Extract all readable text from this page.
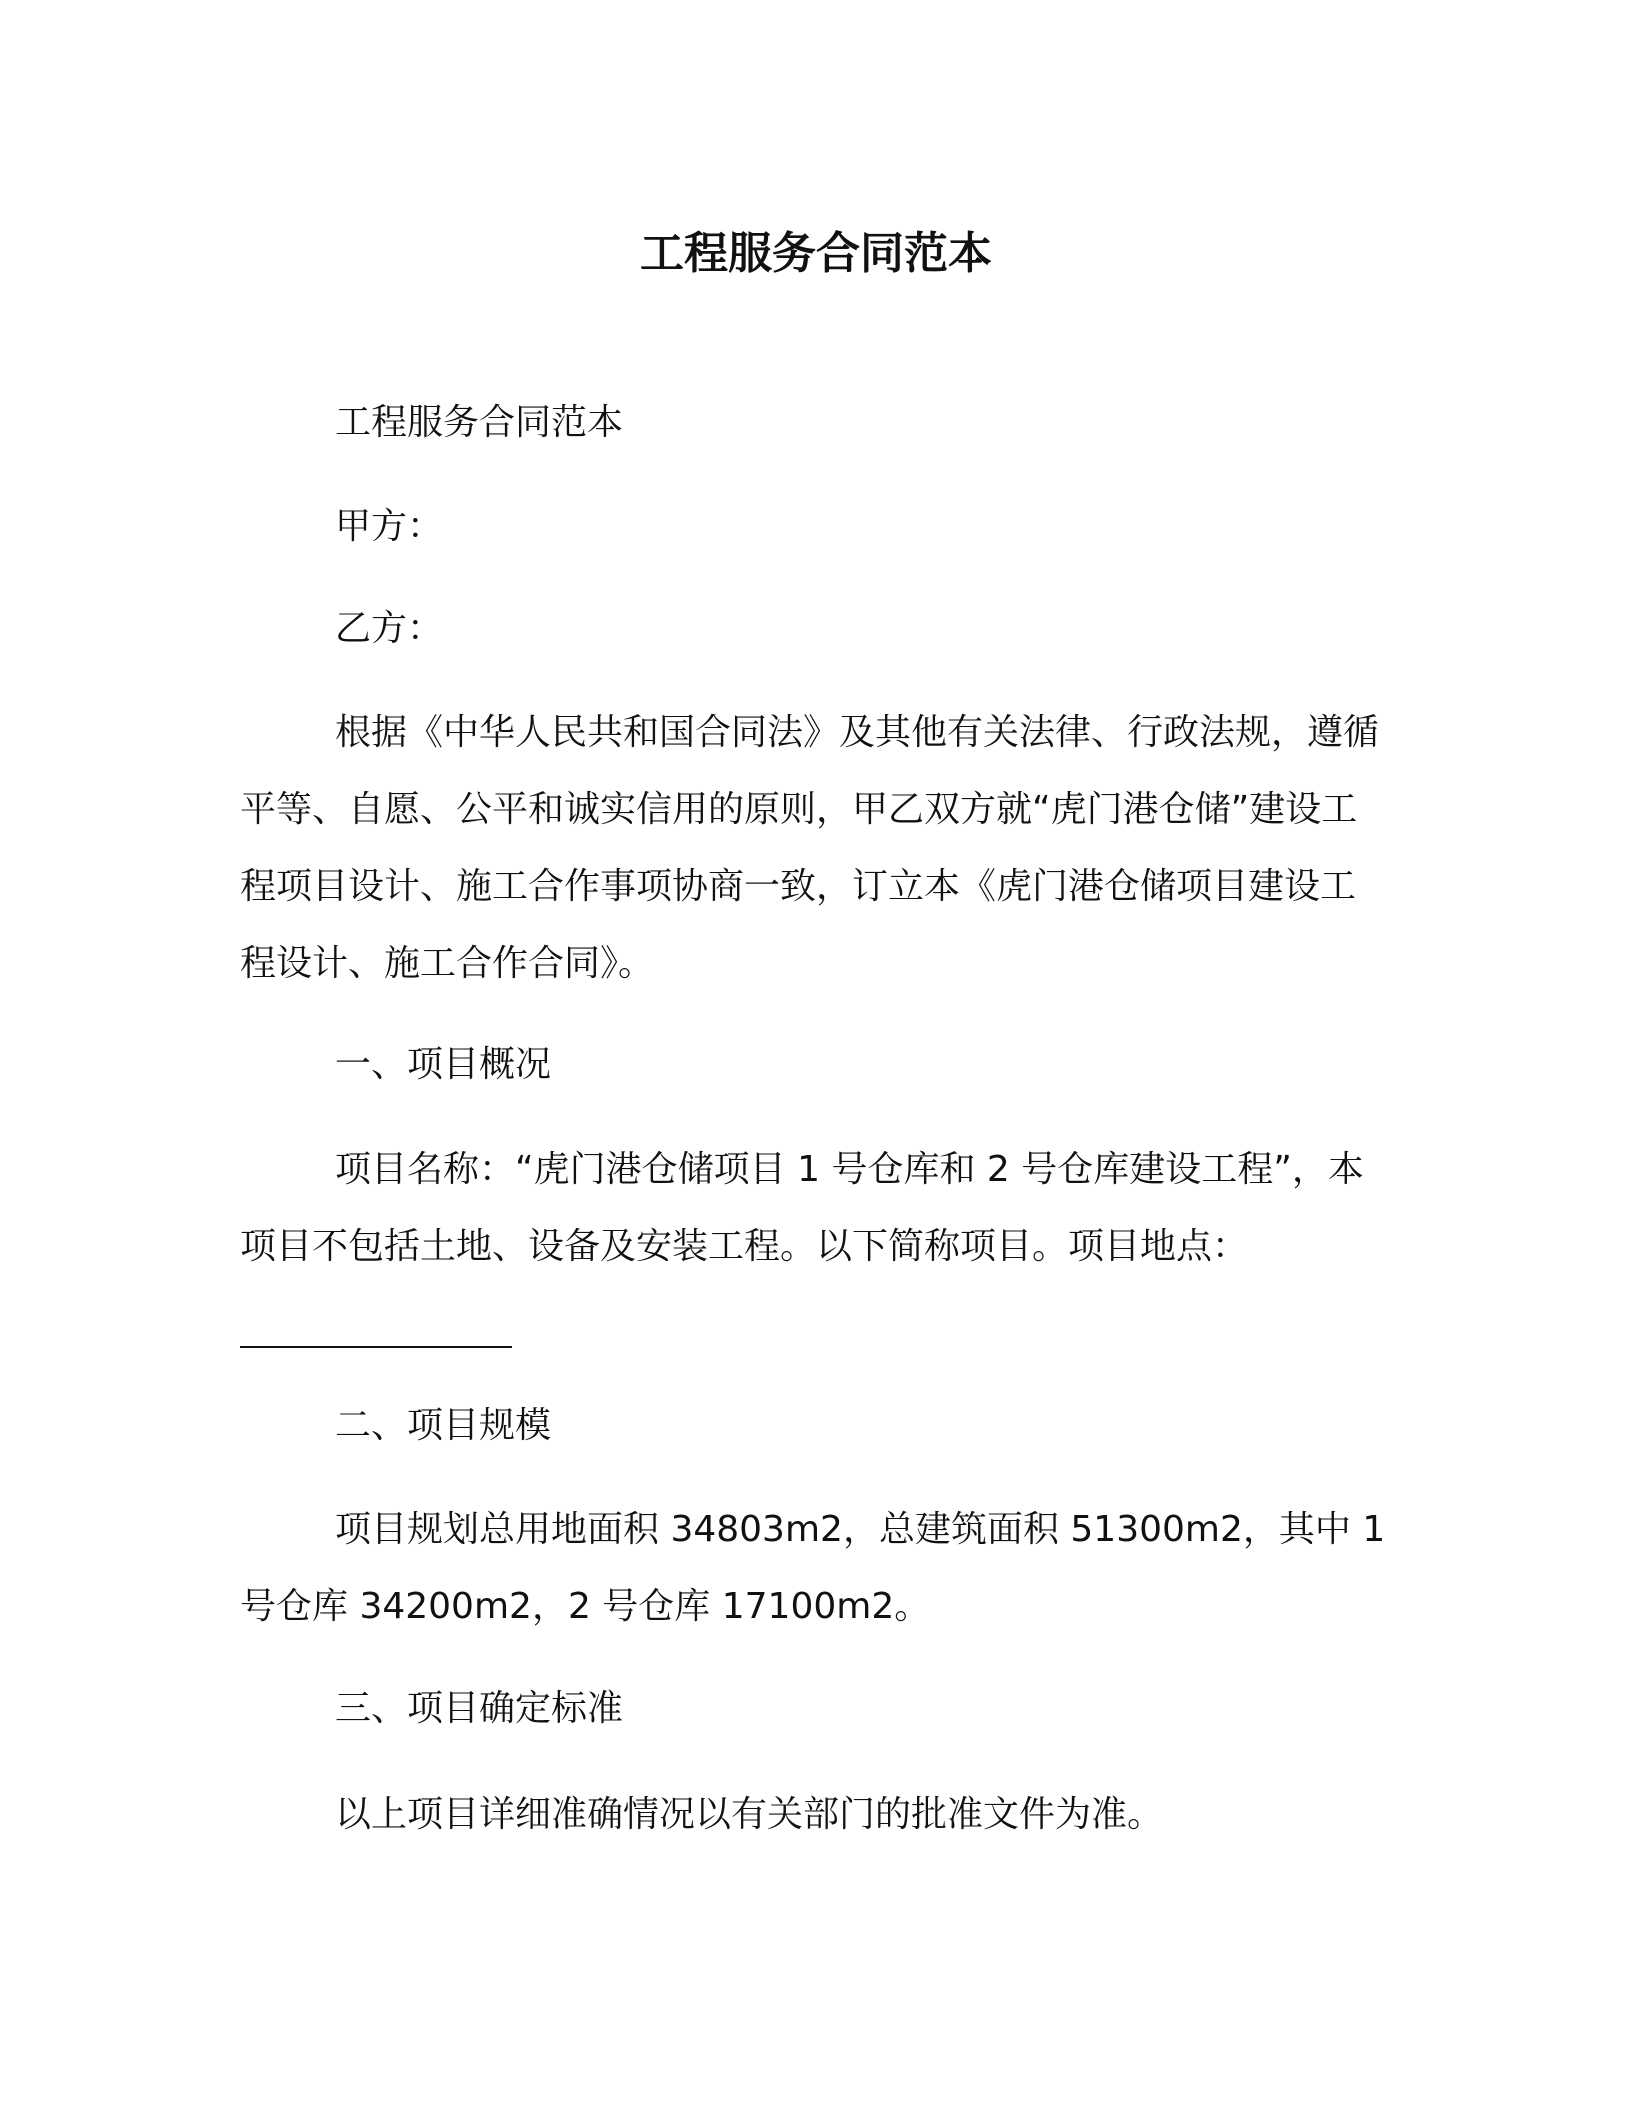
工程服务合同范本

工程服务合同范本

甲方：

乙方：

根据《中华人民共和国合同法》及其他有关法律、行政法规，遵循平等、自愿、公平和诚实信用的原则，甲乙双方就“虎门港仓储”建设工程项目设计、施工合作事项协商一致，订立本《虎门港仓储项目建设工程设计、施工合作合同》。

一、项目概况

项目名称：“虎门港仓储项目 1 号仓库和 2 号仓库建设工程”，本项目不包括土地、设备及安装工程。以下简称项目。项目地点：

二、项目规模

项目规划总用地面积 34803m2，总建筑面积 51300m2，其中 1 号仓库 34200m2，2 号仓库 17100m2。

三、项目确定标准

以上项目详细准确情况以有关部门的批准文件为准。
